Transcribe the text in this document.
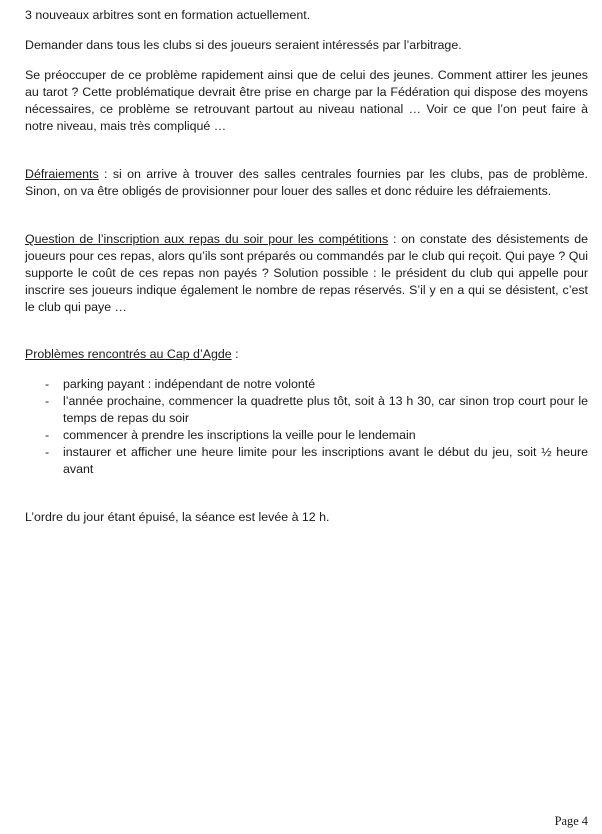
3 nouveaux arbitres sont en formation actuellement.

Demander dans tous les clubs si des joueurs seraient intéressés par l’arbitrage.

Se préoccuper de ce problème rapidement ainsi que de celui des jeunes. Comment attirer les jeunes au tarot ? Cette problématique devrait être prise en charge par la Fédération qui dispose des moyens nécessaires, ce problème se retrouvant partout au niveau national … Voir ce que l’on peut faire à notre niveau, mais très compliqué …

Défraiements : si on arrive à trouver des salles centrales fournies par les clubs, pas de problème. Sinon, on va être obligés de provisionner pour louer des salles et donc réduire les défraiements.

Question de l’inscription aux repas du soir pour les compétitions : on constate des désistements de joueurs pour ces repas, alors qu’ils sont préparés ou commandés par le club qui reçoit. Qui paye ? Qui supporte le coût de ces repas non payés ? Solution possible : le président du club qui appelle pour inscrire ses joueurs indique également le nombre de repas réservés. S’il y en a qui se désistent, c’est le club qui paye …

Problèmes rencontrés au Cap d’Agde :

- parking payant : indépendant de notre volonté
- l’année prochaine, commencer la quadrette plus tôt, soit à 13 h 30, car sinon trop court pour le temps de repas du soir
- commencer à prendre les inscriptions la veille pour le lendemain
- instaurer et afficher une heure limite pour les inscriptions avant le début du jeu, soit ½ heure avant

L’ordre du jour étant épuisé, la séance est levée à 12 h.

Page 4
